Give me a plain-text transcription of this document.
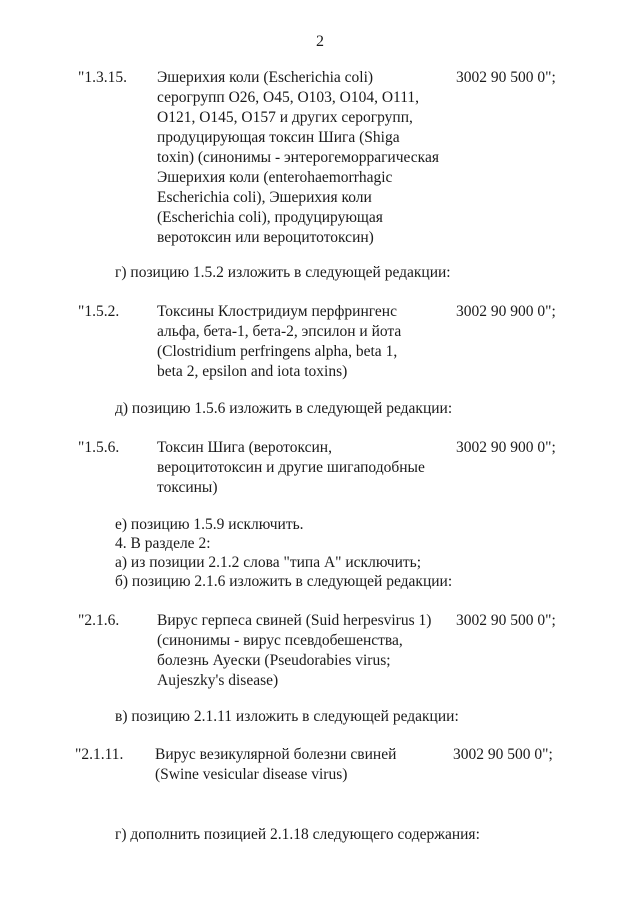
2
"1.3.15. Эшерихия коли (Escherichia coli)
серогрупп O26, O45, O103, O104, O111,
O121, O145, O157 и других серогрупп,
продуцирующая токсин Шига (Shiga
toxin) (синонимы - энтерогеморрагическая
Эшерихия коли (enterohaemorrhagic
Escherichia coli), Эшерихия коли
(Escherichia coli), продуцирующая
веротоксин или вероцитотоксин)
3002 90 500 0";
г) позицию 1.5.2 изложить в следующей редакции:
"1.5.2. Токсины Клостридиум перфрингенс
альфа, бета-1, бета-2, эпсилон и йота
(Clostridium perfringens alpha, beta 1,
beta 2, epsilon and iota toxins)
3002 90 900 0";
д) позицию 1.5.6 изложить в следующей редакции:
"1.5.6. Токсин Шига (веротоксин,
вероцитотоксин и другие шигаподобные
токсины)
3002 90 900 0";
е) позицию 1.5.9 исключить.
4. В разделе 2:
а) из позиции 2.1.2 слова "типа А" исключить;
б) позицию 2.1.6 изложить в следующей редакции:
"2.1.6. Вирус герпеса свиней (Suid herpesvirus 1)
(синонимы - вирус псевдобешенства,
болезнь Ауески (Pseudorabies virus;
Aujeszky's disease)
3002 90 500 0";
в) позицию 2.1.11 изложить в следующей редакции:
"2.1.11. Вирус везикулярной болезни свиней
(Swine vesicular disease virus)
3002 90 500 0";
г) дополнить позицией 2.1.18 следующего содержания:
